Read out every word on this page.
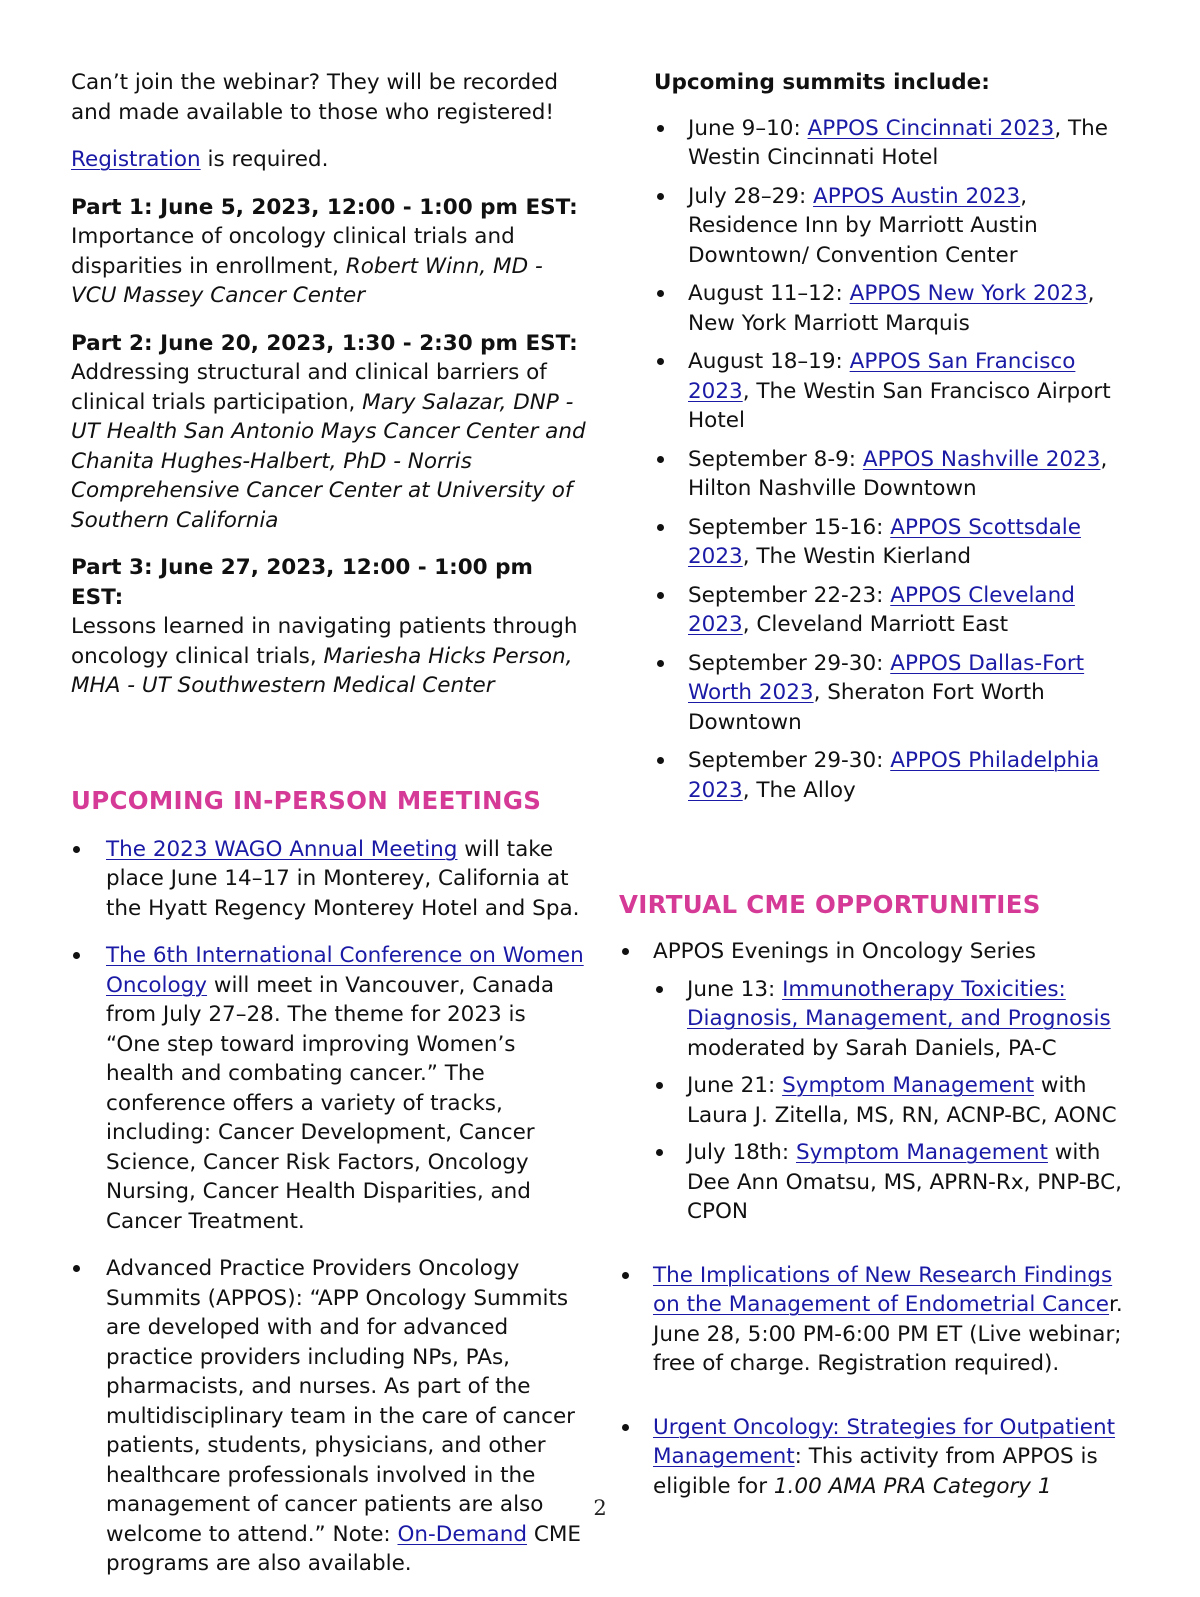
Can’t join the webinar? They will be recorded and made available to those who registered!

Registration is required.

Part 1: June 5, 2023, 12:00 - 1:00 pm EST:
Importance of oncology clinical trials and disparities in enrollment, Robert Winn, MD - VCU Massey Cancer Center

Part 2: June 20, 2023, 1:30 - 2:30 pm EST:
Addressing structural and clinical barriers of clinical trials participation, Mary Salazar, DNP - UT Health San Antonio Mays Cancer Center and Chanita Hughes-Halbert, PhD - Norris Comprehensive Cancer Center at University of Southern California

Part 3: June 27, 2023, 12:00 - 1:00 pm EST:
Lessons learned in navigating patients through oncology clinical trials, Mariesha Hicks Person, MHA - UT Southwestern Medical Center

UPCOMING IN-PERSON MEETINGS
The 2023 WAGO Annual Meeting will take place June 14–17 in Monterey, California at the Hyatt Regency Monterey Hotel and Spa.
The 6th International Conference on Women Oncology will meet in Vancouver, Canada from July 27–28. The theme for 2023 is “One step toward improving Women’s health and combating cancer.” The conference offers a variety of tracks, including: Cancer Development, Cancer Science, Cancer Risk Factors, Oncology Nursing, Cancer Health Disparities, and Cancer Treatment.
Advanced Practice Providers Oncology Summits (APPOS): “APP Oncology Summits are developed with and for advanced practice providers including NPs, PAs, pharmacists, and nurses. As part of the multidisciplinary team in the care of cancer patients, students, physicians, and other healthcare professionals involved in the management of cancer patients are also welcome to attend.” Note: On-Demand CME programs are also available.

Upcoming summits include:

June 9–10: APPOS Cincinnati 2023, The Westin Cincinnati Hotel
July 28–29: APPOS Austin 2023, Residence Inn by Marriott Austin Downtown/ Convention Center
August 11–12: APPOS New York 2023, New York Marriott Marquis
August 18–19: APPOS San Francisco 2023, The Westin San Francisco Airport Hotel
September 8-9: APPOS Nashville 2023, Hilton Nashville Downtown
September 15-16: APPOS Scottsdale 2023, The Westin Kierland
September 22-23: APPOS Cleveland 2023, Cleveland Marriott East
September 29-30: APPOS Dallas-Fort Worth 2023, Sheraton Fort Worth Downtown
September 29-30: APPOS Philadelphia 2023, The Alloy
VIRTUAL CME OPPORTUNITIES
APPOS Evenings in Oncology Series
June 13: Immunotherapy Toxicities: Diagnosis, Management, and Prognosis moderated by Sarah Daniels, PA-C
June 21: Symptom Management with Laura J. Zitella, MS, RN, ACNP-BC, AONC
July 18th: Symptom Management with Dee Ann Omatsu, MS, APRN-Rx, PNP-BC, CPON
The Implications of New Research Findings on the Management of Endometrial Cancer. June 28, 5:00 PM-6:00 PM ET (Live webinar; free of charge. Registration required).
Urgent Oncology: Strategies for Outpatient Management: This activity from APPOS is eligible for 1.00 AMA PRA Category 1
2
